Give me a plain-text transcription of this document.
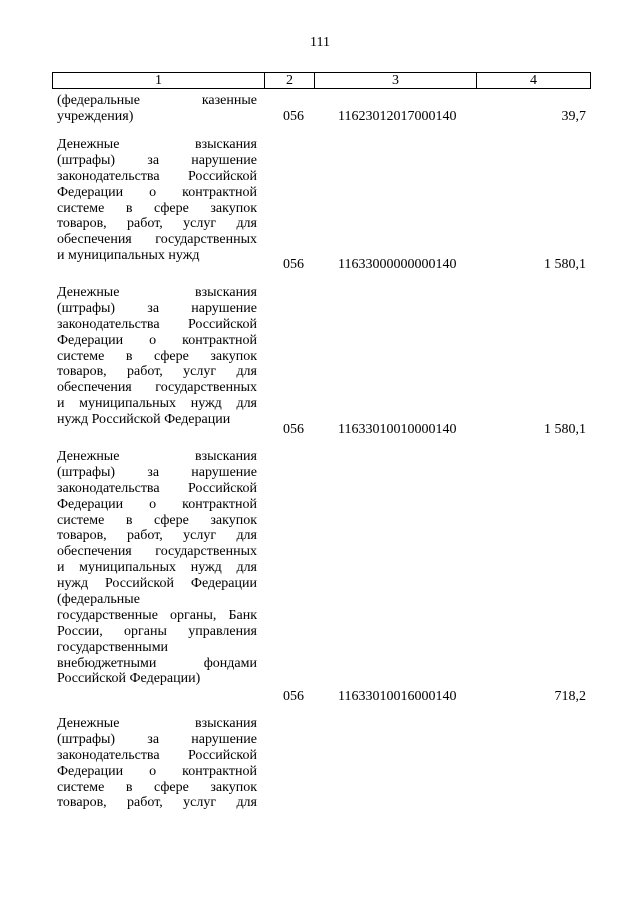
111
1	2	3	4
(федеральные казенные
учреждения)	056	11623012017000140	39,7
Денежные взыскания
(штрафы) за нарушение
законодательства Российской
Федерации о контрактной
системе в сфере закупок
товаров, работ, услуг для
обеспечения государственных
и муниципальных нужд
056	11633000000000140	1 580,1
Денежные взыскания
(штрафы) за нарушение
законодательства Российской
Федерации о контрактной
системе в сфере закупок
товаров, работ, услуг для
обеспечения государственных
и муниципальных нужд для
нужд Российской Федерации
056	11633010010000140	1 580,1
Денежные взыскания
(штрафы) за нарушение
законодательства Российской
Федерации о контрактной
системе в сфере закупок
товаров, работ, услуг для
обеспечения государственных
и муниципальных нужд для
нужд Российской Федерации
(федеральные
государственные органы, Банк
России, органы управления
государственными
внебюджетными фондами
Российской Федерации)
056	11633010016000140	718,2
Денежные взыскания
(штрафы) за нарушение
законодательства Российской
Федерации о контрактной
системе в сфере закупок
товаров, работ, услуг для
